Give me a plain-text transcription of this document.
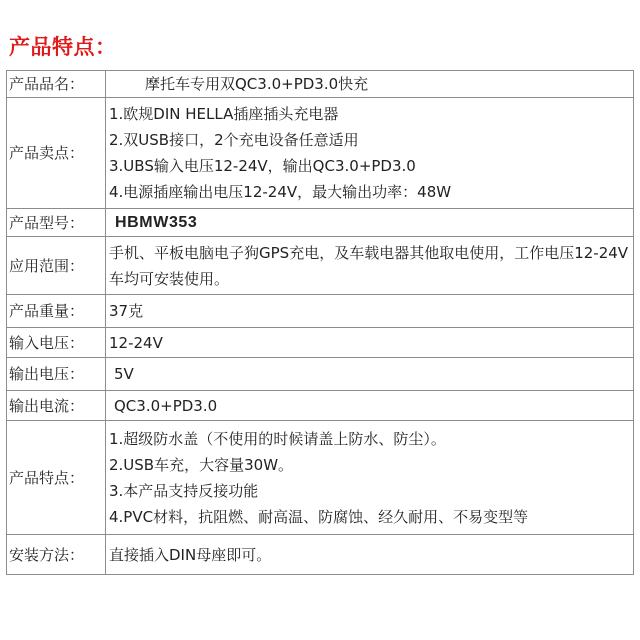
产品特点：
产品品名：	摩托车专用双QC3.0+PD3.0快充

产品卖点：	1.欧规DIN HELLA插座插头充电器
2.双USB接口，2个充电设备任意适用
3.UBS输入电压12-24V，输出QC3.0+PD3.0
4.电源插座输出电压12-24V，最大输出功率：48W

产品型号：	HBMW353

应用范围：	手机、平板电脑电子狗GPS充电，及车载电器其他取电使用，工作电压12-24V车均可安装使用。

产品重量：	37克

输入电压：	12-24V

输出电压：	5V

输出电流：	QC3.0+PD3.0

产品特点：	1.超级防水盖（不使用的时候请盖上防水、防尘）。
2.USB车充，大容量30W。
3.本产品支持反接功能
4.PVC材料，抗阻燃、耐高温、防腐蚀、经久耐用、不易变型等

安装方法：	直接插入DIN母座即可。
